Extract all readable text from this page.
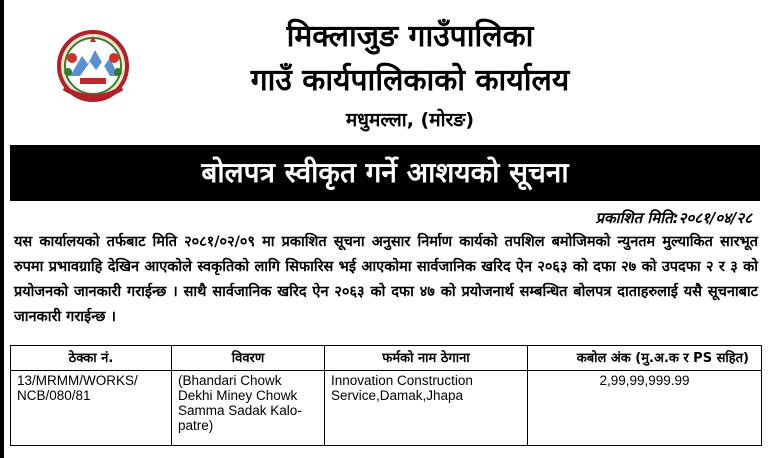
मिक्लाजुङ गाउँपालिका
गाउँ कार्यपालिकाको कार्यालय
मधुमल्ला, (मोरङ)
बोलपत्र स्वीकृत गर्ने आशयको सूचना
प्रकाशित मिति:२०८१/०४/२८
यस कार्यालयको तर्फबाट मिति २०८१/०२/०९ मा प्रकाशित सूचना अनुसार निर्माण कार्यको तपशिल बमोजिमको न्युनतम मुल्याकित सारभूत रुपमा प्रभावग्राहि देखिन आएकोले स्वकृतिको लागि सिफारिस भई आएकोमा सार्वजानिक खरिद ऐन २०६३ को दफा २७ को उपदफा २ र ३ को प्रयोजनको जानकारी गराईन्छ । साथै सार्वजानिक खरिद ऐन २०६३ को दफा ४७ को प्रयोजनार्थ सम्बन्धित बोलपत्र दाताहरुलाई यसै सूचनाबाट जानकारी गराईन्छ ।
ठेक्का नं.	विवरण	फर्मको नाम ठेगाना	कबोल अंक (मु.अ.क र PS सहित)
13/MRMM/WORKS/ NCB/080/81	(Bhandari Chowk Dekhi Miney Chowk Samma Sadak Kalo-patre)	Innovation Construction Service,Damak,Jhapa	2,99,99,999.99
